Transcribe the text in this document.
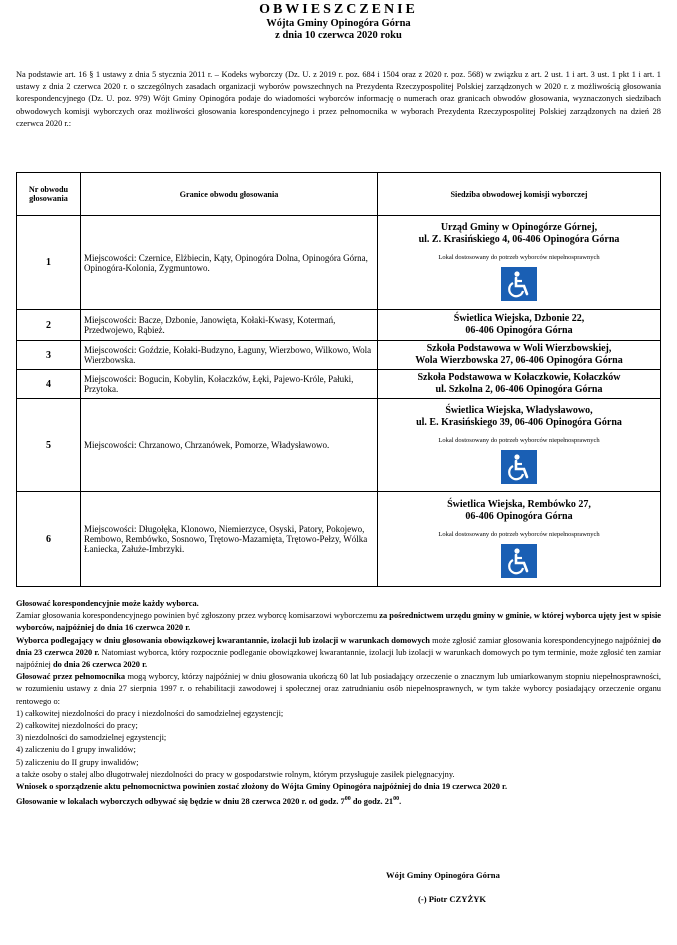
OBWIESZCZENIE
Wójta Gminy Opinogóra Górna
z dnia 10 czerwca 2020 roku
Na podstawie art. 16 § 1 ustawy z dnia 5 stycznia 2011 r. – Kodeks wyborczy (Dz. U. z 2019 r. poz. 684 i 1504 oraz z 2020 r. poz. 568) w związku z art. 2 ust. 1 i art. 3 ust. 1 pkt 1 i art. 1 ustawy z dnia 2 czerwca 2020 r. o szczególnych zasadach organizacji wyborów powszechnych na Prezydenta Rzeczypospolitej Polskiej zarządzonych w 2020 r. z możliwością głosowania korespondencyjnego (Dz. U. poz. 979) Wójt Gminy Opinogóra podaje do wiadomości wyborców informację o numerach oraz granicach obwodów głosowania, wyznaczonych siedzibach obwodowych komisji wyborczych oraz możliwości głosowania korespondencyjnego i przez pełnomocnika w wyborach Prezydenta Rzeczypospolitej Polskiej zarządzonych na dzień 28 czerwca 2020 r.:
Nr obwodu głosowania	Granice obwodu głosowania	Siedziba obwodowej komisji wyborczej
1	Miejscowości: Czernice, Elżbiecin, Kąty, Opinogóra Dolna, Opinogóra Górna, Opinogóra-Kolonia, Zygmuntowo.	Urząd Gminy w Opinogórze Górnej,
ul. Z. Krasińskiego 4, 06-406 Opinogóra Górna
Lokal dostosowany do potrzeb wyborców niepełnosprawnych

2	Miejscowości: Bacze, Dzbonie, Janowięta, Kołaki-Kwasy, Kotermań, Przedwojewo, Rąbież.	Świetlica Wiejska, Dzbonie 22,
06-406 Opinogóra Górna

3	Miejscowości: Goździe, Kołaki-Budzyno, Łaguny, Wierzbowo, Wilkowo, Wola Wierzbowska.	Szkoła Podstawowa w Woli Wierzbowskiej,
Wola Wierzbowska 27, 06-406 Opinogóra Górna

4	Miejscowości: Bogucin, Kobylin, Kołaczków, Łęki, Pajewo-Króle, Pałuki, Przytoka.	Szkoła Podstawowa w Kołaczkowie, Kołaczków
ul. Szkolna 2, 06-406 Opinogóra Górna

5	Miejscowości: Chrzanowo, Chrzanówek, Pomorze, Władysławowo.	Świetlica Wiejska, Władysławowo,
ul. E. Krasińskiego 39, 06-406 Opinogóra Górna
Lokal dostosowany do potrzeb wyborców niepełnosprawnych

6	Miejscowości: Długołęka, Klonowo, Niemierzyce, Osyski, Patory, Pokojewo, Rembowo, Rembówko, Sosnowo, Trętowo-Mazamięta, Trętowo-Pełzy, Wólka Łaniecka, Załuże-Imbrzyki.	Świetlica Wiejska, Rembówko 27,
06-406 Opinogóra Górna
Lokal dostosowany do potrzeb wyborców niepełnosprawnych

Głosować korespondencyjnie może każdy wyborca.

Zamiar głosowania korespondencyjnego powinien być zgłoszony przez wyborcę komisarzowi wyborczemu za pośrednictwem urzędu gminy w gminie, w której wyborca ujęty jest w spisie wyborców, najpóźniej do dnia 16 czerwca 2020 r.

Wyborca podlegający w dniu głosowania obowiązkowej kwarantannie, izolacji lub izolacji w warunkach domowych może zgłosić zamiar głosowania korespondencyjnego najpóźniej do dnia 23 czerwca 2020 r. Natomiast wyborca, który rozpocznie podleganie obowiązkowej kwarantannie, izolacji lub izolacji w warunkach domowych po tym terminie, może zgłosić ten zamiar najpóźniej do dnia 26 czerwca 2020 r.

Głosować przez pełnomocnika mogą wyborcy, którzy najpóźniej w dniu głosowania ukończą 60 lat lub posiadający orzeczenie o znacznym lub umiarkowanym stopniu niepełnosprawności, w rozumieniu ustawy z dnia 27 sierpnia 1997 r. o rehabilitacji zawodowej i społecznej oraz zatrudnianiu osób niepełnosprawnych, w tym także wyborcy posiadający orzeczenie organu rentowego o:

1) całkowitej niezdolności do pracy i niezdolności do samodzielnej egzystencji;

2) całkowitej niezdolności do pracy;

3) niezdolności do samodzielnej egzystencji;

4) zaliczeniu do I grupy inwalidów;

5) zaliczeniu do II grupy inwalidów;

a także osoby o stałej albo długotrwałej niezdolności do pracy w gospodarstwie rolnym, którym przysługuje zasiłek pielęgnacyjny.

Wniosek o sporządzenie aktu pełnomocnictwa powinien zostać złożony do Wójta Gminy Opinogóra najpóźniej do dnia 19 czerwca 2020 r.

Głosowanie w lokalach wyborczych odbywać się będzie w dniu 28 czerwca 2020 r. od godz. $7^{00}$ do godz. $21^{00}$.

Wójt Gminy Opinogóra Górna
(-) Piotr CZYŻYK
